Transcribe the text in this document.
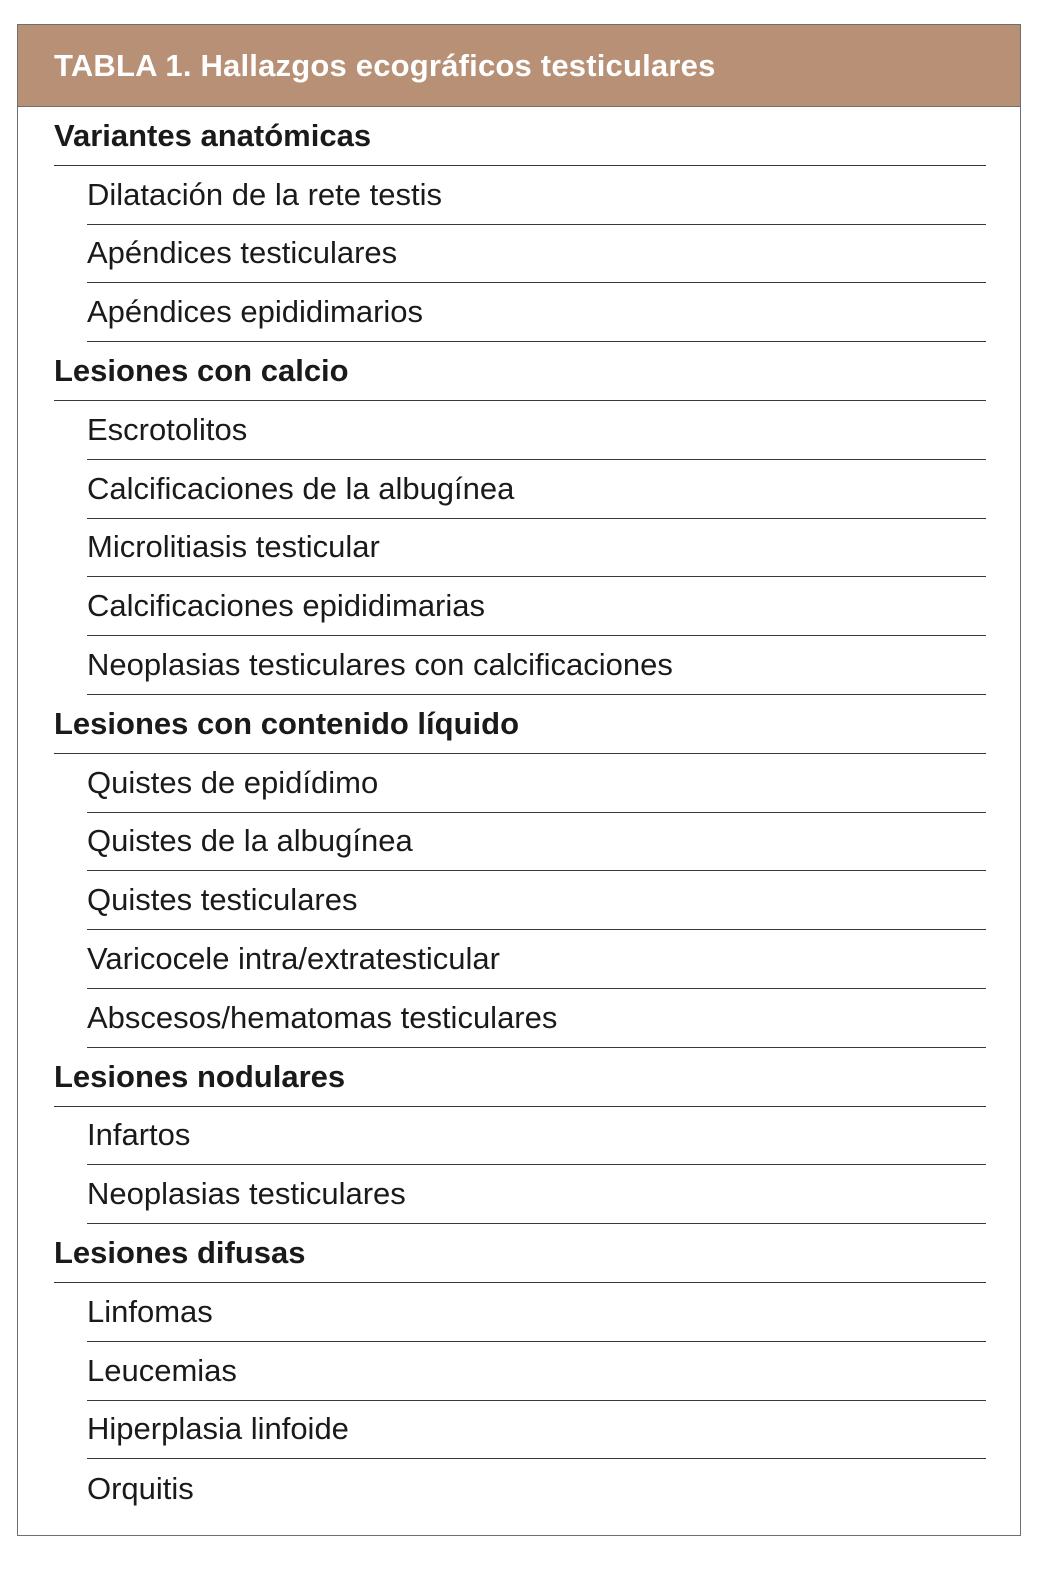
TABLA 1. Hallazgos ecográficos testiculares
Variantes anatómicas
Dilatación de la rete testis
Apéndices testiculares
Apéndices epididimarios
Lesiones con calcio
Escrotolitos
Calcificaciones de la albugínea
Microlitiasis testicular
Calcificaciones epididimarias
Neoplasias testiculares con calcificaciones
Lesiones con contenido líquido
Quistes de epidídimo
Quistes de la albugínea
Quistes testiculares
Varicocele intra/extratesticular
Abscesos/hematomas testiculares
Lesiones nodulares
Infartos
Neoplasias testiculares
Lesiones difusas
Linfomas
Leucemias
Hiperplasia linfoide
Orquitis
